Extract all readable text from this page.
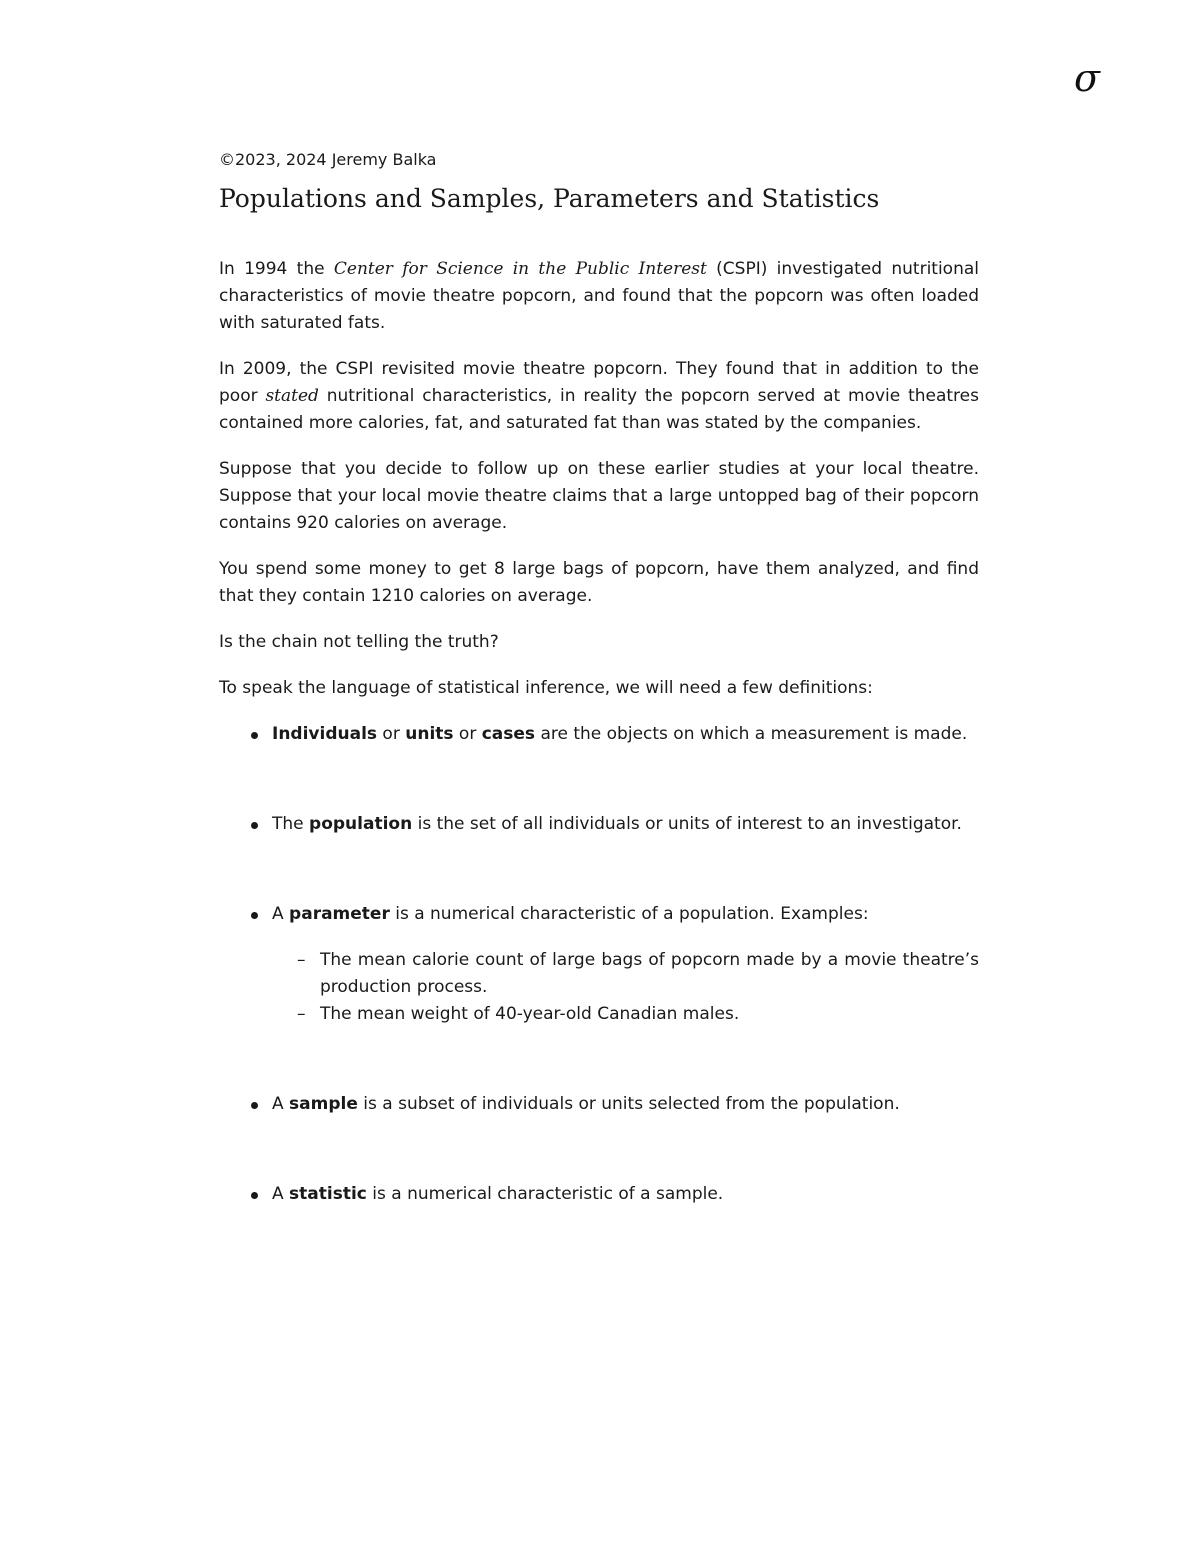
σ

©2023, 2024 Jeremy Balka

Populations and Samples, Parameters and Statistics

In 1994 the Center for Science in the Public Interest (CSPI) investigated nutritional characteristics of movie theatre popcorn, and found that the popcorn was often loaded with saturated fats.

In 2009, the CSPI revisited movie theatre popcorn. They found that in addition to the poor stated nutritional characteristics, in reality the popcorn served at movie theatres contained more calories, fat, and saturated fat than was stated by the companies.

Suppose that you decide to follow up on these earlier studies at your local theatre. Suppose that your local movie theatre claims that a large untopped bag of their popcorn contains 920 calories on average.

You spend some money to get 8 large bags of popcorn, have them analyzed, and find that they contain 1210 calories on average.

Is the chain not telling the truth?

To speak the language of statistical inference, we will need a few definitions:

Individuals or units or cases are the objects on which a measurement is made.
The population is the set of all individuals or units of interest to an investigator.
A parameter is a numerical characteristic of a population. Examples:
– The mean calorie count of large bags of popcorn made by a movie theatre’s production process.
– The mean weight of 40-year-old Canadian males.
A sample is a subset of individuals or units selected from the population.
A statistic is a numerical characteristic of a sample.
